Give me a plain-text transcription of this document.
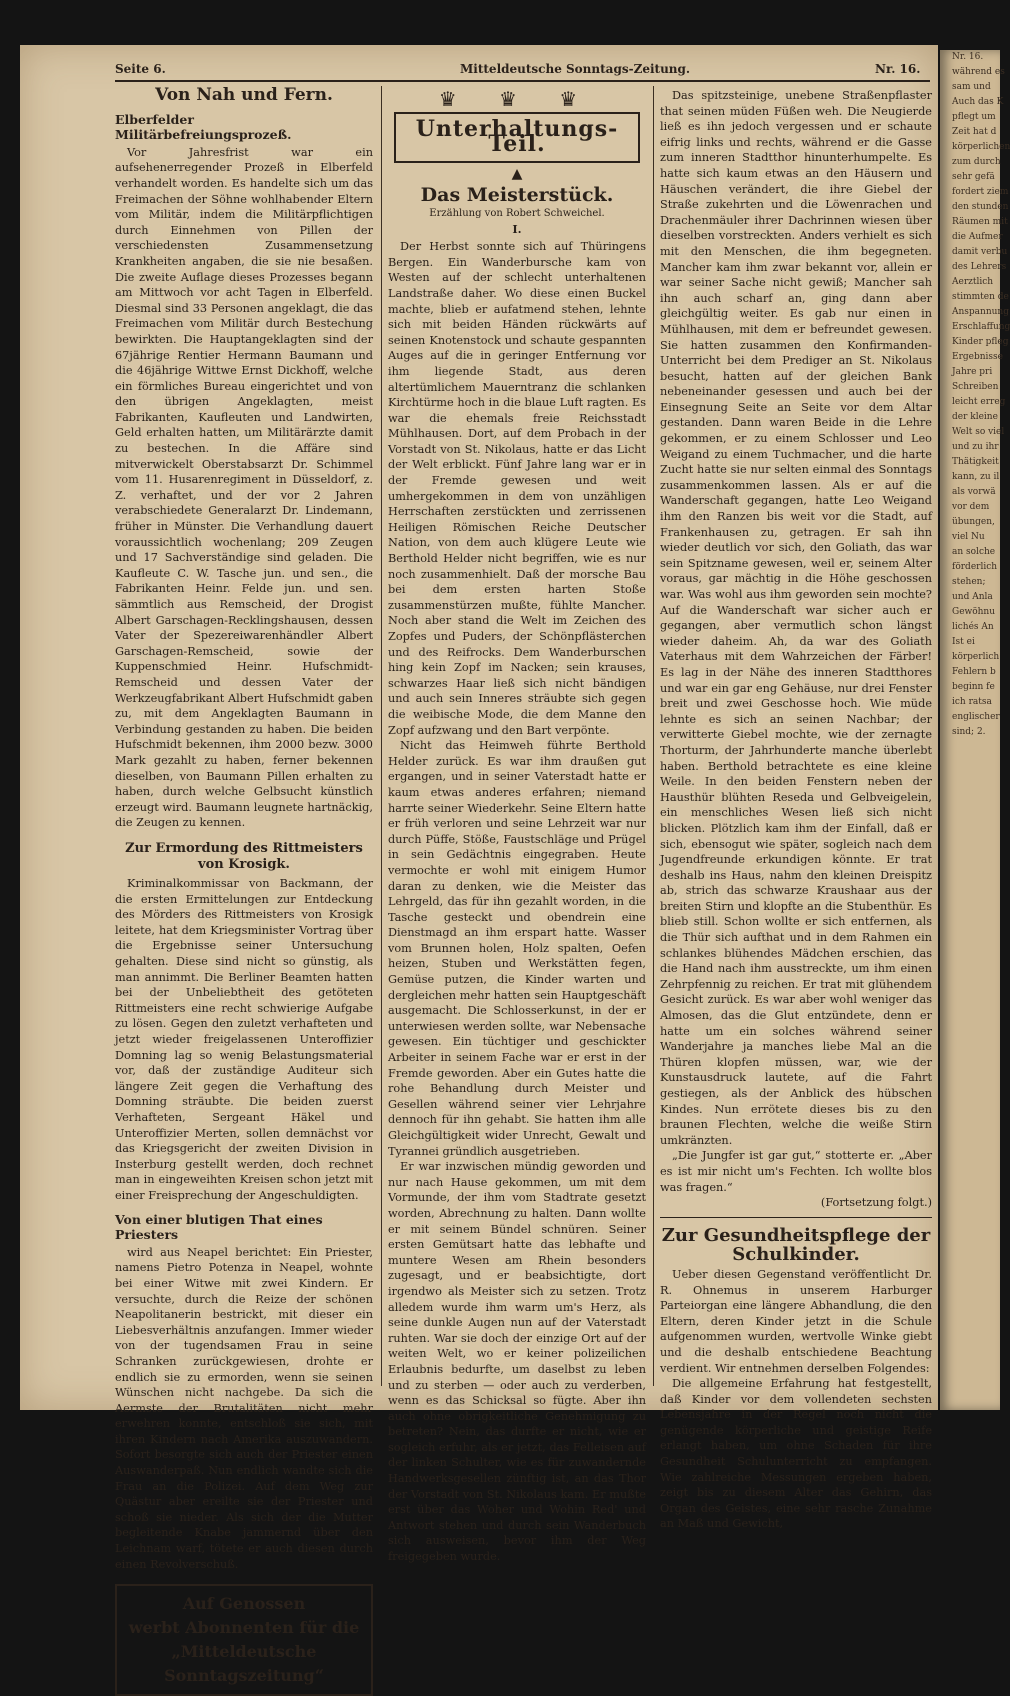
Seite 6.	Mitteldeutsche Sonntags-Zeitung.	Nr. 16.
Von Nah und Fern.
Elberfelder Militärbefreiungsprozeß.

Vor Jahresfrist war ein aufsehenerregender Prozeß in Elberfeld verhandelt worden. Es handelte sich um das Freimachen der Söhne wohlhabender Eltern vom Militär, indem die Militärpflichtigen durch Einnehmen von Pillen der verschiedensten Zusammensetzung Krankheiten angaben, die sie nie besaßen. Die zweite Auflage dieses Prozesses begann am Mittwoch vor acht Tagen in Elberfeld. Diesmal sind 33 Personen angeklagt, die das Freimachen vom Militär durch Bestechung bewirkten. Die Hauptangeklagten sind der 67jährige Rentier Hermann Baumann und die 46jährige Wittwe Ernst Dickhoff, welche ein förmliches Bureau eingerichtet und von den übrigen Angeklagten, meist Fabrikanten, Kaufleuten und Landwirten, Geld erhalten hatten, um Militärärzte damit zu bestechen. In die Affäre sind mitverwickelt Oberstabsarzt Dr. Schimmel vom 11. Husarenregiment in Düsseldorf, z. Z. verhaftet, und der vor 2 Jahren verabschiedete Generalarzt Dr. Lindemann, früher in Münster. Die Verhandlung dauert voraussichtlich wochenlang; 209 Zeugen und 17 Sachverständige sind geladen. Die Kaufleute C. W. Tasche jun. und sen., die Fabrikanten Heinr. Felde jun. und sen. sämmtlich aus Remscheid, der Drogist Albert Garschagen-Recklingshausen, dessen Vater der Spezereiwarenhändler Albert Garschagen-Remscheid, sowie der Kuppenschmied Heinr. Hufschmidt-Remscheid und dessen Vater der Werkzeugfabrikant Albert Hufschmidt gaben zu, mit dem Angeklagten Baumann in Verbindung gestanden zu haben. Die beiden Hufschmidt bekennen, ihm 2000 bezw. 3000 Mark gezahlt zu haben, ferner bekennen dieselben, von Baumann Pillen erhalten zu haben, durch welche Gelbsucht künstlich erzeugt wird. Baumann leugnete hartnäckig, die Zeugen zu kennen.

Zur Ermordung des Rittmeisters von Krosigk.

Kriminalkommissar von Backmann, der die ersten Ermittelungen zur Entdeckung des Mörders des Rittmeisters von Krosigk leitete, hat dem Kriegsminister Vortrag über die Ergebnisse seiner Untersuchung gehalten. Diese sind nicht so günstig, als man annimmt. Die Berliner Beamten hatten bei der Unbeliebtheit des getöteten Rittmeisters eine recht schwierige Aufgabe zu lösen. Gegen den zuletzt verhafteten und jetzt wieder freigelassenen Unteroffizier Domning lag so wenig Belastungsmaterial vor, daß der zuständige Auditeur sich längere Zeit gegen die Verhaftung des Domning sträubte. Die beiden zuerst Verhafteten, Sergeant Häkel und Unteroffizier Merten, sollen demnächst vor das Kriegsgericht der zweiten Division in Insterburg gestellt werden, doch rechnet man in eingeweihten Kreisen schon jetzt mit einer Freisprechung der Angeschuldigten.

Von einer blutigen That eines Priesters

wird aus Neapel berichtet: Ein Priester, namens Pietro Potenza in Neapel, wohnte bei einer Witwe mit zwei Kindern. Er versuchte, durch die Reize der schönen Neapolitanerin bestrickt, mit dieser ein Liebesverhältnis anzufangen. Immer wieder von der tugendsamen Frau in seine Schranken zurückgewiesen, drohte er endlich sie zu ermorden, wenn sie seinen Wünschen nicht nachgebe. Da sich die Aermste der Brutalitäten nicht mehr erwehren konnte, entschloß sie sich, mit ihren Kindern nach Amerika auszuwandern. Sofort besorgte sich auch der Priester einen Auswanderpaß. Nun endlich wandte sich die Frau an die Polizei. Auf dem Weg zur Quästur aber ereilte sie der Priester und schoß sie nieder. Als sich der die Mutter begleitende Knabe jammernd über den Leichnam warf, tötete er auch diesen durch einen Revolverschuß.

Auf Genossen
werbt Abonnenten für die
„Mitteldeutsche Sonntagszeitung“
♛ ♛ ♛
Unterhaltungs-Teil.
▲
Das Meisterstück.
Erzählung von Robert Schweichel.
I.

Der Herbst sonnte sich auf Thüringens Bergen. Ein Wanderbursche kam von Westen auf der schlecht unterhaltenen Landstraße daher. Wo diese einen Buckel machte, blieb er aufatmend stehen, lehnte sich mit beiden Händen rückwärts auf seinen Knotenstock und schaute gespannten Auges auf die in geringer Entfernung vor ihm liegende Stadt, aus deren altertümlichem Mauerntranz die schlanken Kirchtürme hoch in die blaue Luft ragten. Es war die ehemals freie Reichsstadt Mühlhausen. Dort, auf dem Probach in der Vorstadt von St. Nikolaus, hatte er das Licht der Welt erblickt. Fünf Jahre lang war er in der Fremde gewesen und weit umhergekommen in dem von unzähligen Herrschaften zerstückten und zerrissenen Heiligen Römischen Reiche Deutscher Nation, von dem auch klügere Leute wie Berthold Helder nicht begriffen, wie es nur noch zusammenhielt. Daß der morsche Bau bei dem ersten harten Stoße zusammenstürzen mußte, fühlte Mancher. Noch aber stand die Welt im Zeichen des Zopfes und Puders, der Schönpflästerchen und des Reifrocks. Dem Wanderburschen hing kein Zopf im Nacken; sein krauses, schwarzes Haar ließ sich nicht bändigen und auch sein Inneres sträubte sich gegen die weibische Mode, die dem Manne den Zopf aufzwang und den Bart verpönte.

Nicht das Heimweh führte Berthold Helder zurück. Es war ihm draußen gut ergangen, und in seiner Vaterstadt hatte er kaum etwas anderes erfahren; niemand harrte seiner Wiederkehr. Seine Eltern hatte er früh verloren und seine Lehrzeit war nur durch Püffe, Stöße, Faustschläge und Prügel in sein Gedächtnis eingegraben. Heute vermochte er wohl mit einigem Humor daran zu denken, wie die Meister das Lehrgeld, das für ihn gezahlt worden, in die Tasche gesteckt und obendrein eine Dienstmagd an ihm erspart hatte. Wasser vom Brunnen holen, Holz spalten, Oefen heizen, Stuben und Werkstätten fegen, Gemüse putzen, die Kinder warten und dergleichen mehr hatten sein Hauptgeschäft ausgemacht. Die Schlosserkunst, in der er unterwiesen werden sollte, war Nebensache gewesen. Ein tüchtiger und geschickter Arbeiter in seinem Fache war er erst in der Fremde geworden. Aber ein Gutes hatte die rohe Behandlung durch Meister und Gesellen während seiner vier Lehrjahre dennoch für ihn gehabt. Sie hatten ihm alle Gleichgültigkeit wider Unrecht, Gewalt und Tyrannei gründlich ausgetrieben.

Er war inzwischen mündig geworden und nur nach Hause gekommen, um mit dem Vormunde, der ihm vom Stadtrate gesetzt worden, Abrechnung zu halten. Dann wollte er mit seinem Bündel schnüren. Seiner ersten Gemütsart hatte das lebhafte und muntere Wesen am Rhein besonders zugesagt, und er beabsichtigte, dort irgendwo als Meister sich zu setzen. Trotz alledem wurde ihm warm um's Herz, als seine dunkle Augen nun auf der Vaterstadt ruhten. War sie doch der einzige Ort auf der weiten Welt, wo er keiner polizeilichen Erlaubnis bedurfte, um daselbst zu leben und zu sterben — oder auch zu verderben, wenn es das Schicksal so fügte. Aber ihn auch ohne obrigkeitliche Genehmigung zu betreten? Nein, das durfte er nicht, wie er sogleich erfuhr, als er jetzt, das Felleisen auf der linken Schulter, wie es für zuwandernde Handwerksgesellen zünftig ist, an das Thor der Vorstadt von St. Nikolaus kam. Er mußte erst über das Woher und Wohin Red' und Antwort stehen und durch sein Wanderbuch sich ausweisen, bevor ihm der Weg freigegeben wurde.

Das spitzsteinige, unebene Straßenpflaster that seinen müden Füßen weh. Die Neugierde ließ es ihn jedoch vergessen und er schaute eifrig links und rechts, während er die Gasse zum inneren Stadtthor hinunterhumpelte. Es hatte sich kaum etwas an den Häusern und Häuschen verändert, die ihre Giebel der Straße zukehrten und die Löwenrachen und Drachenmäuler ihrer Dachrinnen wiesen über dieselben vorstreckten. Anders verhielt es sich mit den Menschen, die ihm begegneten. Mancher kam ihm zwar bekannt vor, allein er war seiner Sache nicht gewiß; Mancher sah ihn auch scharf an, ging dann aber gleichgültig weiter. Es gab nur einen in Mühlhausen, mit dem er befreundet gewesen. Sie hatten zusammen den Konfirmanden-Unterricht bei dem Prediger an St. Nikolaus besucht, hatten auf der gleichen Bank nebeneinander gesessen und auch bei der Einsegnung Seite an Seite vor dem Altar gestanden. Dann waren Beide in die Lehre gekommen, er zu einem Schlosser und Leo Weigand zu einem Tuchmacher, und die harte Zucht hatte sie nur selten einmal des Sonntags zusammenkommen lassen. Als er auf die Wanderschaft gegangen, hatte Leo Weigand ihm den Ranzen bis weit vor die Stadt, auf Frankenhausen zu, getragen. Er sah ihn wieder deutlich vor sich, den Goliath, das war sein Spitzname gewesen, weil er, seinem Alter voraus, gar mächtig in die Höhe geschossen war. Was wohl aus ihm geworden sein mochte? Auf die Wanderschaft war sicher auch er gegangen, aber vermutlich schon längst wieder daheim. Ah, da war des Goliath Vaterhaus mit dem Wahrzeichen der Färber! Es lag in der Nähe des inneren Stadtthores und war ein gar eng Gehäuse, nur drei Fenster breit und zwei Geschosse hoch. Wie müde lehnte es sich an seinen Nachbar; der verwitterte Giebel mochte, wie der zernagte Thorturm, der Jahrhunderte manche überlebt haben. Berthold betrachtete es eine kleine Weile. In den beiden Fenstern neben der Hausthür blühten Reseda und Gelbveigelein, ein menschliches Wesen ließ sich nicht blicken. Plötzlich kam ihm der Einfall, daß er sich, ebensogut wie später, sogleich nach dem Jugendfreunde erkundigen könnte. Er trat deshalb ins Haus, nahm den kleinen Dreispitz ab, strich das schwarze Kraushaar aus der breiten Stirn und klopfte an die Stubenthür. Es blieb still. Schon wollte er sich entfernen, als die Thür sich aufthat und in dem Rahmen ein schlankes blühendes Mädchen erschien, das die Hand nach ihm ausstreckte, um ihm einen Zehrpfennig zu reichen. Er trat mit glühendem Gesicht zurück. Es war aber wohl weniger das Almosen, das die Glut entzündete, denn er hatte um ein solches während seiner Wanderjahre ja manches liebe Mal an die Thüren klopfen müssen, war, wie der Kunstausdruck lautete, auf die Fahrt gestiegen, als der Anblick des hübschen Kindes. Nun errötete dieses bis zu den braunen Flechten, welche die weiße Stirn umkränzten.

„Die Jungfer ist gar gut,“ stotterte er. „Aber es ist mir nicht um's Fechten. Ich wollte blos was fragen.“

(Fortsetzung folgt.)
Zur Gesundheitspflege der
Schulkinder.

Ueber diesen Gegenstand veröffentlicht Dr. R. Ohnemus in unserem Harburger Parteiorgan eine längere Abhandlung, die den Eltern, deren Kinder jetzt in die Schule aufgenommen wurden, wertvolle Winke giebt und die deshalb entschiedene Beachtung verdient. Wir entnehmen derselben Folgendes:

Die allgemeine Erfahrung hat festgestellt, daß Kinder vor dem vollendeten sechsten Lebensjahre in der Regel noch nicht die genügende körperliche und geistige Reife erlangt haben, um ohne Schaden für ihre Gesundheit Schulunterricht zu empfangen. Wie zahlreiche Messungen ergeben haben, zeigt bis zu diesem Alter das Gehirn, das Organ des Geistes, eine sehr rasche Zunahme an Maß und Gewicht,

Nr. 16.
während es
sam und
Auch das K
pflegt um
Zeit hat d
körperlichen
zum durch
sehr gefä
fordert ziem
den stunden
Räumen mit
die Aufmer
damit verbu
des Lehrers
Aerztlich
stimmten de
Anspannung
Erschlaffung
Kinder pfleg
Ergebnisse
Jahre pri
Schreiben
leicht erreg
der kleine
Welt so viel
und zu ihr
Thätigkeit
kann, zu il
als vorwä
vor dem
übungen,
viel Nu
an solche
förderlich
stehen;
und Anla
Gewöhnu
lichés An
Ist ei
körperlich
Fehlern b
beginn fe
ich ratsa
englischer
sind; 2.
